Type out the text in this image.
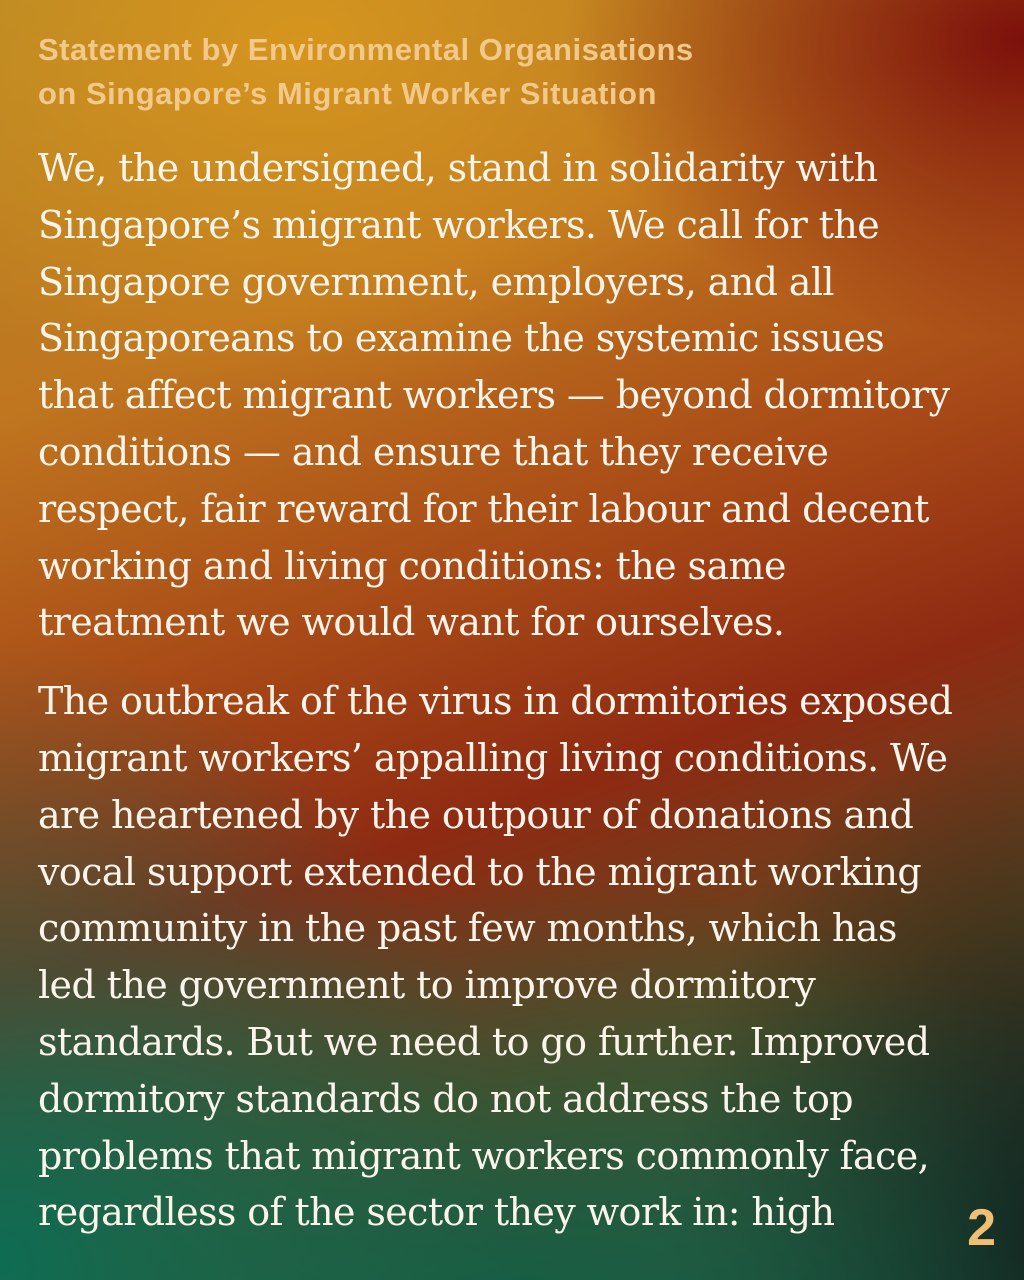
Statement by Environmental Organisations
on Singapore’s Migrant Worker Situation

We, the undersigned, stand in solidarity with
Singapore’s migrant workers. We call for the
Singapore government, employers, and all
Singaporeans to examine the systemic issues
that affect migrant workers — beyond dormitory
conditions — and ensure that they receive
respect, fair reward for their labour and decent
working and living conditions: the same
treatment we would want for ourselves.

The outbreak of the virus in dormitories exposed
migrant workers’ appalling living conditions. We
are heartened by the outpour of donations and
vocal support extended to the migrant working
community in the past few months, which has
led the government to improve dormitory
standards. But we need to go further. Improved
dormitory standards do not address the top
problems that migrant workers commonly face,
regardless of the sector they work in: high	2
